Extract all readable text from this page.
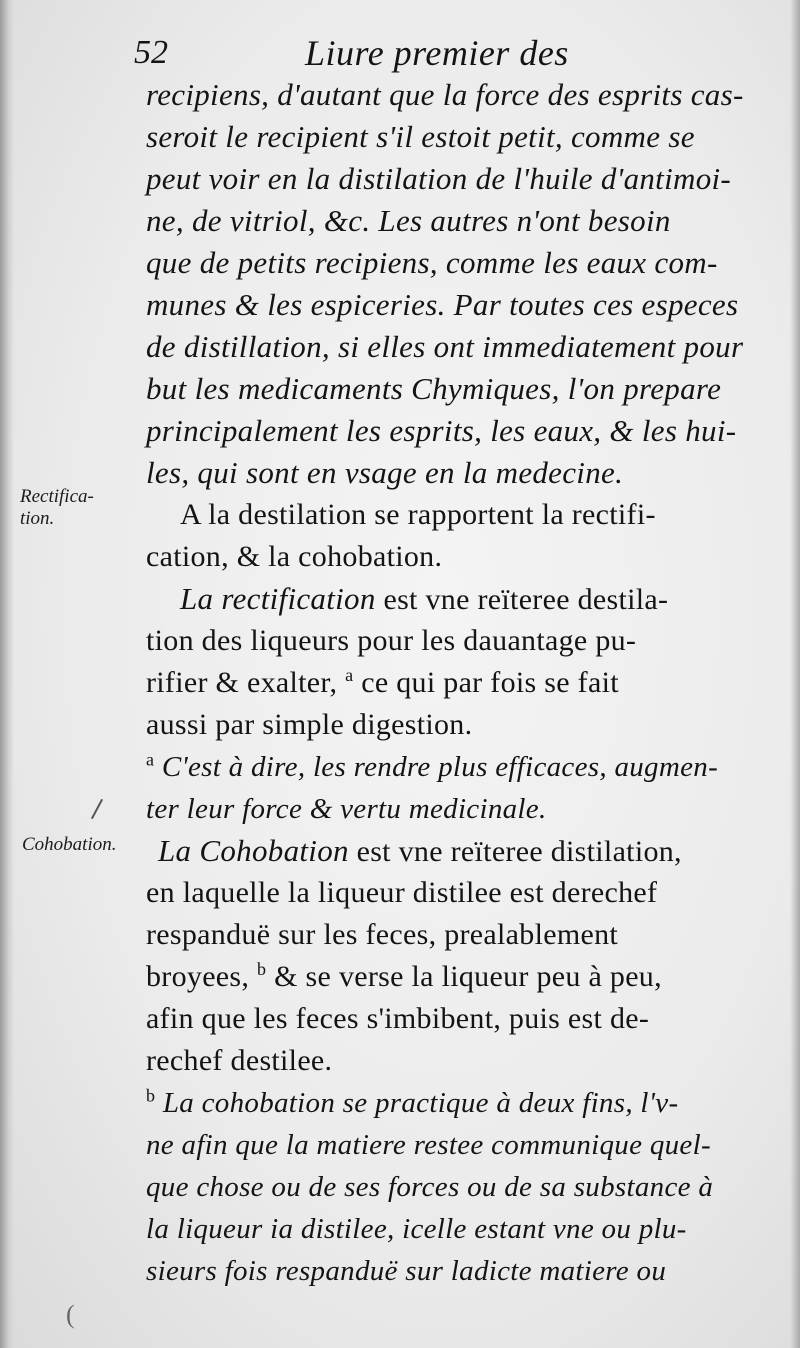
52	Liure premier des
Rectifica-
tion.
Cohobation.
(
recipiens, d'autant que la force des esprits cas-
seroit le recipient s'il estoit petit, comme se
peut voir en la distilation de l'huile d'antimoi-
ne, de vitriol, &c. Les autres n'ont besoin
que de petits recipiens, comme les eaux com-
munes & les espiceries. Par toutes ces especes
de distillation, si elles ont immediatement pour
but les medicaments Chymiques, l'on prepare
principalement les esprits, les eaux, & les hui-
les, qui sont en vsage en la medecine.
A la destilation se rapportent la rectifi-
cation, & la cohobation.
La rectification est vne reïteree destila-
tion des liqueurs pour les dauantage pu-
rifier & exalter, $^a$ ce qui par fois se fait
aussi par simple digestion.
$^a$ C'est à dire, les rendre plus efficaces, augmen-
ter leur force & vertu medicinale.
La Cohobation est vne reïteree distilation,
en laquelle la liqueur distilee est derechef
respanduë sur les feces, prealablement
broyees, $^b$ & se verse la liqueur peu à peu,
afin que les feces s'imbibent, puis est de-
rechef destilee.
$^b$ La cohobation se practique à deux fins, l'v-
ne afin que la matiere restee communique quel-
que chose ou de ses forces ou de sa substance à
la liqueur ia distilee, icelle estant vne ou plu-
sieurs fois respanduë sur ladicte matiere ou
